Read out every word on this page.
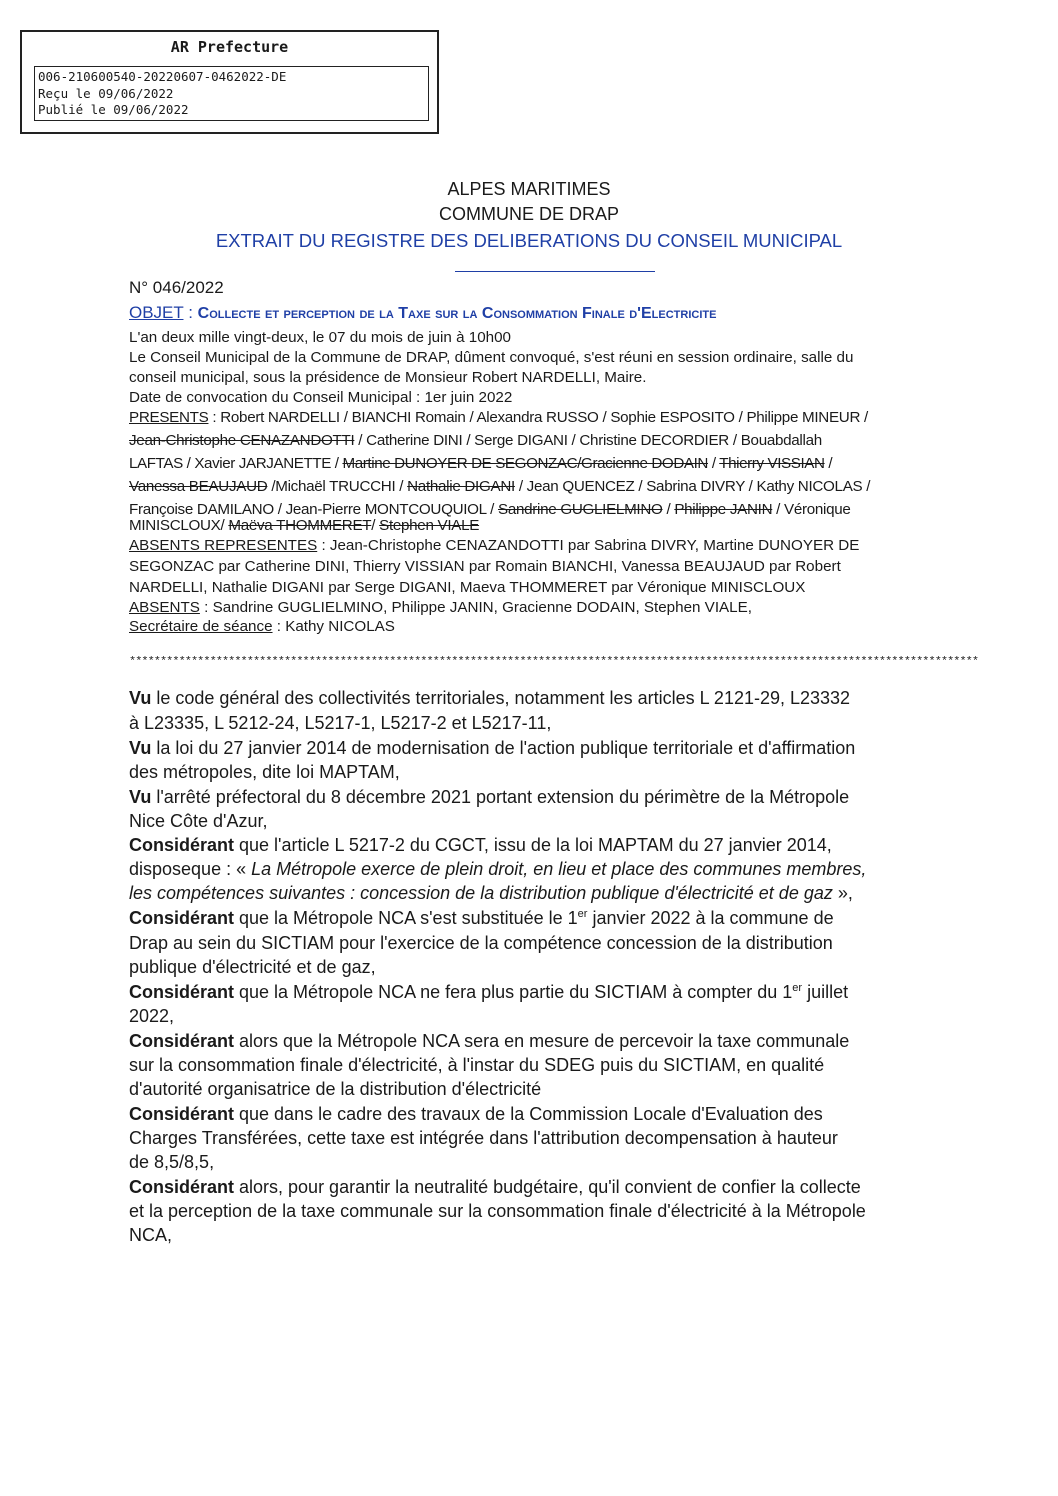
AR Prefecture
006-210600540-20220607-0462022-DE
Reçu le 09/06/2022
Publié le 09/06/2022
ALPES MARITIMES
COMMUNE DE DRAP
EXTRAIT DU REGISTRE DES DELIBERATIONS DU CONSEIL MUNICIPAL
N° 046/2022
OBJET : Collecte et perception de la Taxe sur la Consommation Finale d'Electricite
L'an deux mille vingt-deux, le 07 du mois de juin à 10h00
Le Conseil Municipal de la Commune de DRAP, dûment convoqué, s'est réuni en session ordinaire, salle du
conseil municipal, sous la présidence de Monsieur Robert NARDELLI, Maire.
Date de convocation du Conseil Municipal : 1er juin 2022
PRESENTS : Robert NARDELLI / BIANCHI Romain / Alexandra RUSSO / Sophie ESPOSITO / Philippe MINEUR /
Jean-Christophe CENAZANDOTTI / Catherine DINI / Serge DIGANI / Christine DECORDIER / Bouabdallah
LAFTAS / Xavier JARJANETTE / Martine DUNOYER DE SEGONZAC/Gracienne DODAIN / Thierry VISSIAN /
Vanessa BEAUJAUD /Michaël TRUCCHI / Nathalie DIGANI / Jean QUENCEZ / Sabrina DIVRY / Kathy NICOLAS /
Françoise DAMILANO / Jean-Pierre MONTCOUQUIOL / Sandrine GUGLIELMINO / Philippe JANIN / Véronique
MINISCLOUX/ Maëva THOMMERET/ Stephen VIALE
ABSENTS REPRESENTES : Jean-Christophe CENAZANDOTTI par Sabrina DIVRY, Martine DUNOYER DE
SEGONZAC par Catherine DINI, Thierry VISSIAN par Romain BIANCHI, Vanessa BEAUJAUD par Robert
NARDELLI, Nathalie DIGANI par Serge DIGANI, Maeva THOMMERET par Véronique MINISCLOUX
ABSENTS : Sandrine GUGLIELMINO, Philippe JANIN, Gracienne DODAIN, Stephen VIALE,
Secrétaire de séance : Kathy NICOLAS
*****************************************************************************************************************************************
Vu le code général des collectivités territoriales, notamment les articles L 2121-29, L23332
à L23335, L 5212-24, L5217-1, L5217-2 et L5217-11,
Vu la loi du 27 janvier 2014 de modernisation de l'action publique territoriale et d'affirmation
des métropoles, dite loi MAPTAM,
Vu l'arrêté préfectoral du 8 décembre 2021 portant extension du périmètre de la Métropole
Nice Côte d'Azur,
Considérant que l'article L 5217-2 du CGCT, issu de la loi MAPTAM du 27 janvier 2014,
disposeque : « La Métropole exerce de plein droit, en lieu et place des communes membres,
les compétences suivantes : concession de la distribution publique d'électricité et de gaz »,
Considérant que la Métropole NCA s'est substituée le 1er janvier 2022 à la commune de
Drap au sein du SICTIAM pour l'exercice de la compétence concession de la distribution
publique d'électricité et de gaz,
Considérant que la Métropole NCA ne fera plus partie du SICTIAM à compter du 1er juillet
2022,
Considérant alors que la Métropole NCA sera en mesure de percevoir la taxe communale
sur la consommation finale d'électricité, à l'instar du SDEG puis du SICTIAM, en qualité
d'autorité organisatrice de la distribution d'électricité
Considérant que dans le cadre des travaux de la Commission Locale d'Evaluation des
Charges Transférées, cette taxe est intégrée dans l'attribution decompensation à hauteur
de 8,5/8,5,
Considérant alors, pour garantir la neutralité budgétaire, qu'il convient de confier la collecte
et la perception de la taxe communale sur la consommation finale d'électricité à la Métropole
NCA,
